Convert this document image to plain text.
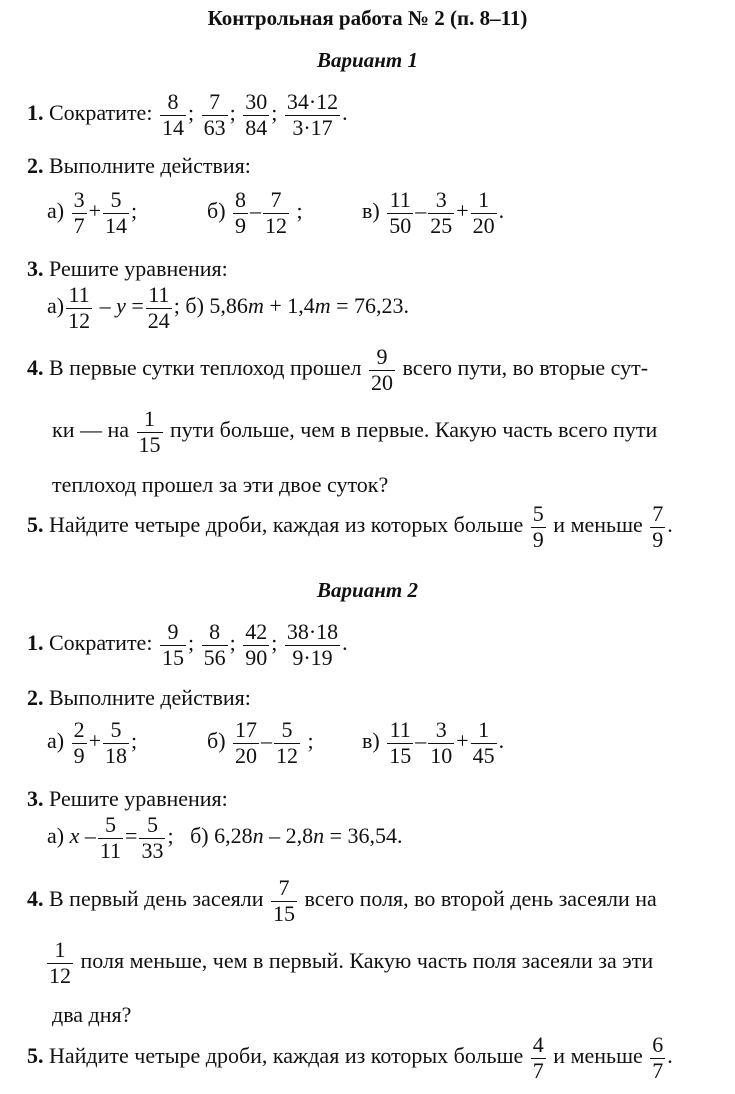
Контрольная работа № 2 (п. 8–11)
Вариант 1
1. Сократите: $\frac{8}{14}$ ; $\frac{7}{63}$ ; $\frac{30}{84}$ ; $\frac{34\cdot 12}{3\cdot 17}$ .
2. Выполните действия:
$а) \frac{3}{7} + \frac{5}{14}$ ;	$б) \frac{8}{9} - \frac{7}{12}$ ;	$в) \frac{11}{50} - \frac{3}{25} + \frac{1}{20}$ .
3. Решите уравнения:
$а) \frac{11}{12} - y = \frac{11}{24}$ ; б) 5,86m + 1,4m = 76,23.
4. В первые сутки теплоход прошел $\frac{9}{20}$ всего пути, во вторые сут-
ки — на $\frac{1}{15}$ пути больше, чем в первые. Какую часть всего пути
теплоход прошел за эти двое суток?
5. Найдите четыре дроби, каждая из которых больше $\frac{5}{9}$ и меньше $\frac{7}{9}$ .
Вариант 2
1. Сократите: $\frac{9}{15}$ ; $\frac{8}{56}$ ; $\frac{42}{90}$ ; $\frac{38\cdot 18}{9\cdot 19}$ .
2. Выполните действия:
$а) \frac{2}{9} + \frac{5}{18}$ ;	$б) \frac{17}{20} - \frac{5}{12}$ ; $в) \frac{11}{15} - \frac{3}{10} + \frac{1}{45}$ .
3. Решите уравнения:
а) $x - \frac{5}{11} = \frac{5}{33}$ ;   б) 6,28n – 2,8n = 36,54.
4. В первый день засеяли $\frac{7}{15}$ всего поля, во второй день засеяли на
$\frac{1}{12}$ поля меньше, чем в первый. Какую часть поля засеяли за эти
два дня?
5. Найдите четыре дроби, каждая из которых больше $\frac{4}{7}$ и меньше $\frac{6}{7}$ .
